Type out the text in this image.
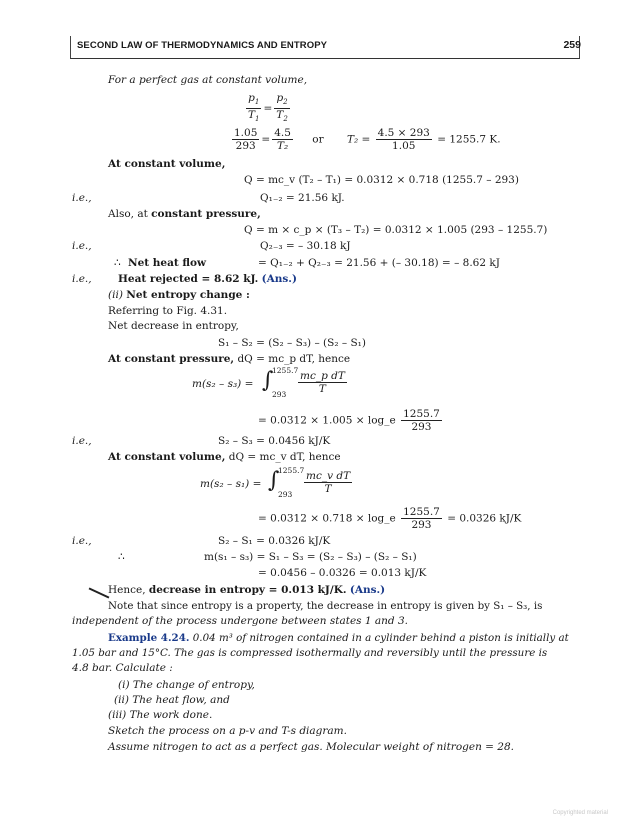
SECOND LAW OF THERMODYNAMICS AND ENTROPY	259
For a perfect gas at constant volume,
$\frac{p_1}{T_1} = \frac{p_2}{T_2}$
$\frac{1.05}{293} = \frac{4.5}{\text{T₂}}$ or $T_2 = \frac{4.5 \times 293}{1.05} = 1255.7$ K.
At constant volume,
Q = mc_v (T₂ – T₁) = 0.0312 × 0.718 (1255.7 – 293)
i.e.,	Q₁₋₂ = 21.56 kJ.
Also, at constant pressure,
Q = m × c_p × (T₃ – T₂) = 0.0312 × 1.005 (293 – 1255.7)
i.e.,	Q₂₋₃ = – 30.18 kJ
∴ Net heat flow	= Q₁₋₂ + Q₂₋₃ = 21.56 + (– 30.18) = – 8.62 kJ
i.e.,	Heat rejected = 8.62 kJ. (Ans.)
(ii) Net entropy change :
Referring to Fig. 4.31.
Net decrease in entropy,
S₁ – S₂ = (S₂ – S₃) – (S₂ – S₁)
At constant pressure, dQ = mc_p dT, hence
m(s₂ – s₃) = ∫
1255.7
$293 \frac{\text{mc\_p dT}}{T}$
= 0.0312 × 1.005 × log_e $\frac{1255.7}{293}$
i.e.,	S₂ – S₃ = 0.0456 kJ/K
At constant volume, dQ = mc_v dT, hence
m(s₂ – s₁) = ∫
1255.7
$293 \frac{\text{mc\_v dT}}{T}$
= 0.0312 × 0.718 × log_e $\frac{1255.7}{293} = 0.0326$ kJ/K
i.e.,	S₂ – S₁ = 0.0326 kJ/K
∴	m(s₁ – s₃) = S₁ – S₃ = (S₂ – S₃) – (S₂ – S₁)
= 0.0456 – 0.0326 = 0.013 kJ/K
Hence, decrease in entropy = 0.013 kJ/K. (Ans.)
Note that since entropy is a property, the decrease in entropy is given by S₁ – S₃, is
independent of the process undergone between states 1 and 3.
Example 4.24. 0.04 m³ of nitrogen contained in a cylinder behind a piston is initially at
1.05 bar and 15°C. The gas is compressed isothermally and reversibly until the pressure is
4.8 bar. Calculate :
(i) The change of entropy,
(ii) The heat flow, and
(iii) The work done.
Sketch the process on a p-v and T-s diagram.
Assume nitrogen to act as a perfect gas. Molecular weight of nitrogen = 28.
Copyrighted material
